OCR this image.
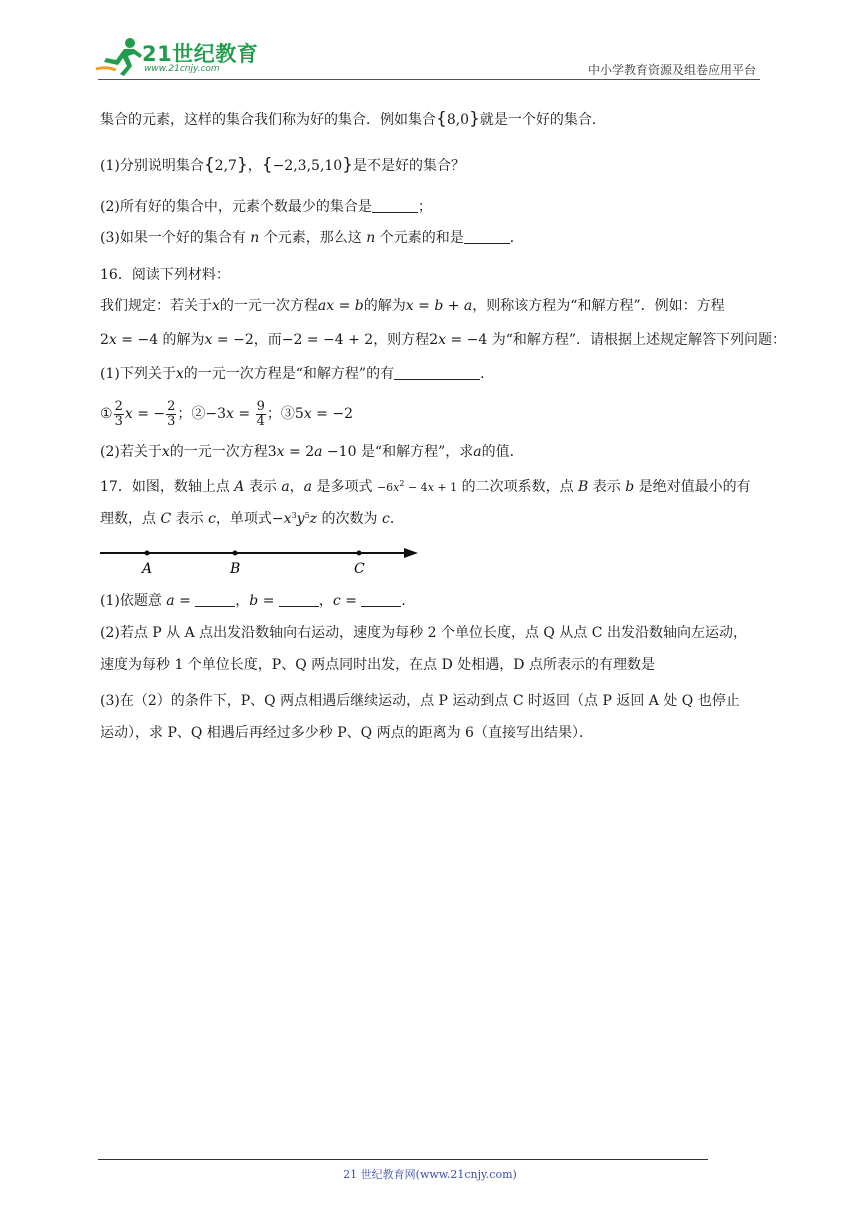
21世纪教育
www.21cnjy.com	中小学教育资源及组卷应用平台
集合的元素，这样的集合我们称为好的集合．例如集合{8,0}就是一个好的集合．
(1)分别说明集合{2,7}，{−2,3,5,10}是不是好的集合？
(2)所有好的集合中，元素个数最少的集合是	；
(3)如果一个好的集合有 n 个元素，那么这 n 个元素的和是	．
16．阅读下列材料：
我们规定：若关于x的一元一次方程ax = b的解为x = b + a，则称该方程为“和解方程”．例如：方程
2x = −4 的解为x = −2，而−2 = −4 + 2，则方程2x = −4 为“和解方程”．请根据上述规定解答下列问题：
(1)下列关于x的一元一次方程是“和解方程”的有	．
① $\frac{2}{3}$ x = − $\frac{2}{3}$ ；②−3x = $\frac{9}{4}$ ；③5x = −2
(2)若关于x的一元一次方程3x = 2a −10 是“和解方程”，求a的值．
17．如图，数轴上点 A 表示 a，a 是多项式 $-6x^2 - 4x + 1$ 的二次项系数，点 B 表示 b 是绝对值最小的有
理数，点 C 表示 c，单项式$-x^3y^5z$ 的次数为 c．
(1)依题意 a =	，b =	，c =	．
(2)若点 P 从 A 点出发沿数轴向右运动，速度为每秒 2 个单位长度，点 Q 从点 C 出发沿数轴向左运动，
速度为每秒 1 个单位长度，P、Q 两点同时出发，在点 D 处相遇，D 点所表示的有理数是
(3)在（2）的条件下，P、Q 两点相遇后继续运动，点 P 运动到点 C 时返回（点 P 返回 A 处 Q 也停止
运动），求 P、Q 相遇后再经过多少秒 P、Q 两点的距离为 6（直接写出结果）．
A	B	C
21 世纪教育网(www.21cnjy.com)
